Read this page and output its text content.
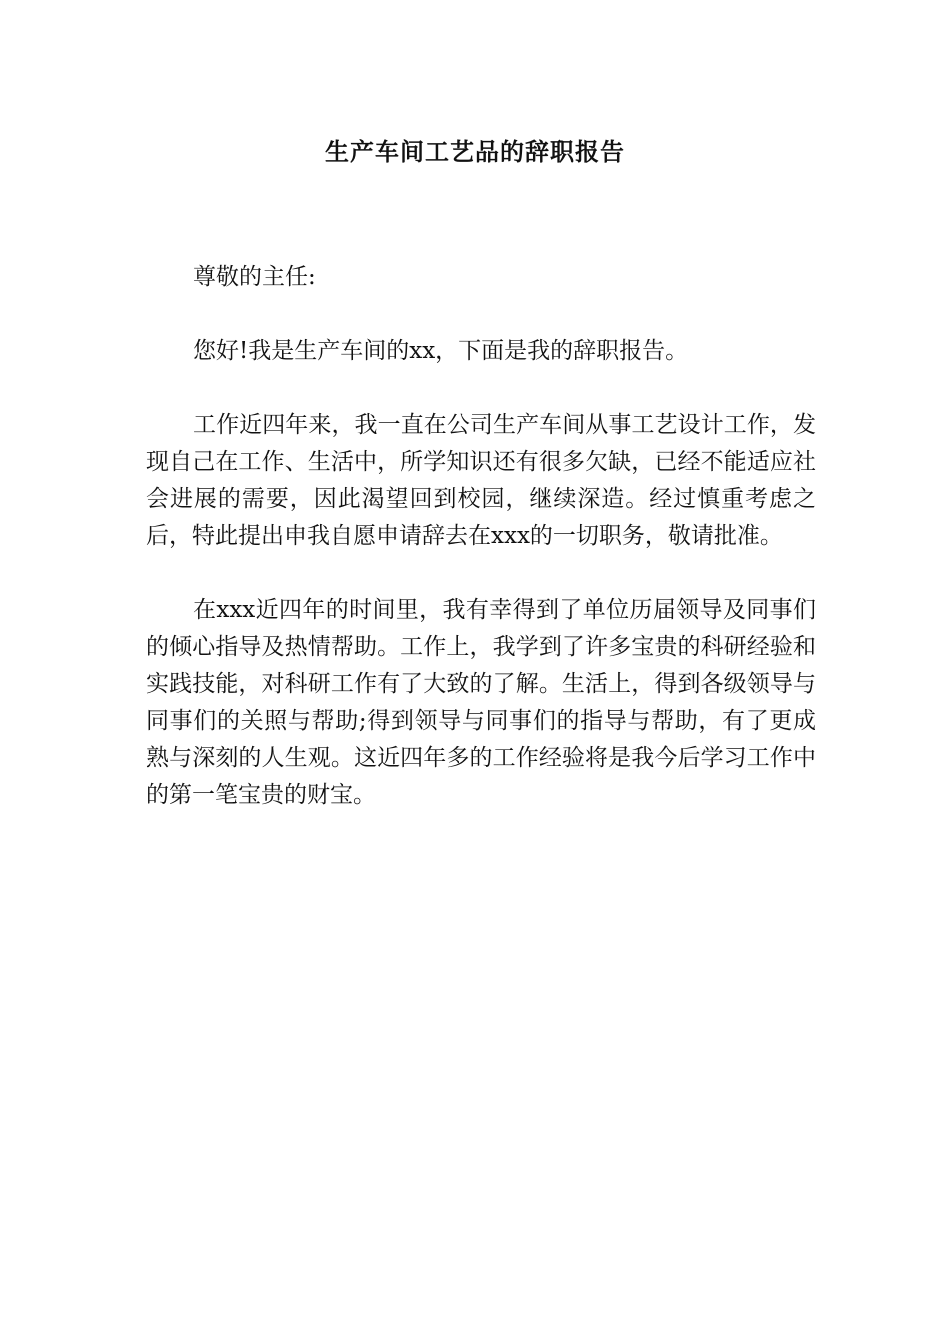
生产车间工艺品的辞职报告

尊敬的主任:

您好!我是生产车间的xx，下面是我的辞职报告。

工作近四年来，我一直在公司生产车间从事工艺设计工作，发现自己在工作、生活中，所学知识还有很多欠缺，已经不能适应社会进展的需要，因此渴望回到校园，继续深造。经过慎重考虑之后，特此提出申我自愿申请辞去在xxx的一切职务，敬请批准。

在xxx近四年的时间里，我有幸得到了单位历届领导及同事们的倾心指导及热情帮助。工作上，我学到了许多宝贵的科研经验和实践技能，对科研工作有了大致的了解。生活上，得到各级领导与同事们的关照与帮助;得到领导与同事们的指导与帮助，有了更成熟与深刻的人生观。这近四年多的工作经验将是我今后学习工作中的第一笔宝贵的财宝。
